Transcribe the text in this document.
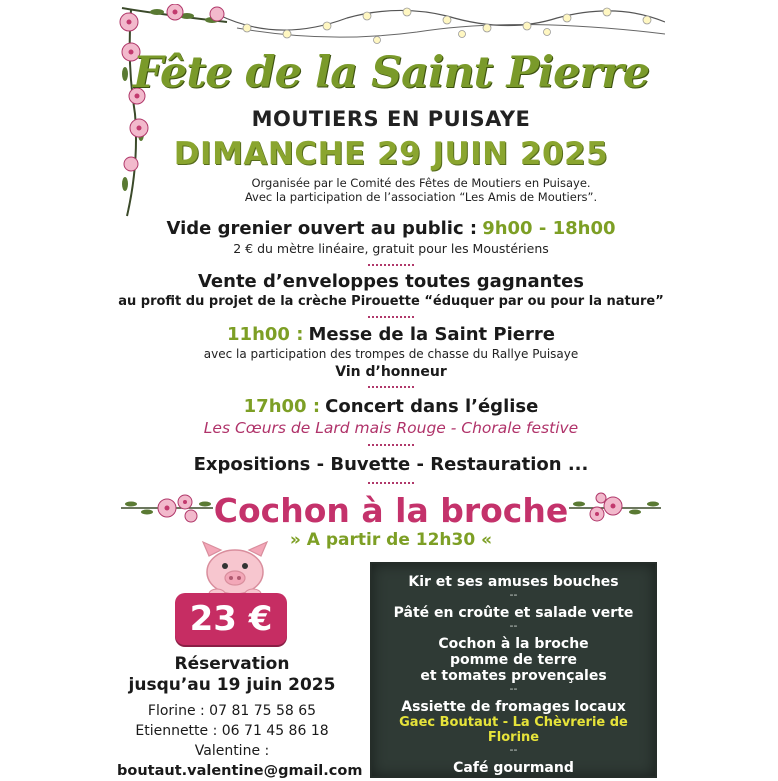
Fête de la Saint Pierre
MOUTIERS EN PUISAYE
DIMANCHE 29 JUIN 2025
Organisée par le Comité des Fêtes de Moutiers en Puisaye.
Avec la participation de l’association “Les Amis de Moutiers”.
Vide grenier ouvert au public : 9h00 - 18h00
2 € du mètre linéaire, gratuit pour les Moustériens
Vente d’enveloppes toutes gagnantes
au profit du projet de la crèche Pirouette “éduquer par ou pour la nature”
11h00 : Messe de la Saint Pierre
avec la participation des trompes de chasse du Rallye Puisaye
Vin d’honneur
17h00 : Concert dans l’église
Les Cœurs de Lard mais Rouge - Chorale festive
Expositions - Buvette - Restauration ...
Cochon à la broche
» A partir de 12h30 «
23 €
Réservation
jusqu’au 19 juin 2025
Florine : 07 81 75 58 65
Etiennette : 06 71 45 86 18
Valentine :
boutaut.valentine@gmail.com
Kir et ses amuses bouches
--
Pâté en croûte et salade verte
--
Cochon à la broche
pomme de terre
et tomates provençales
--
Assiette de fromages locaux
Gaec Boutaut - La Chèvrerie de Florine
--
Café gourmand
